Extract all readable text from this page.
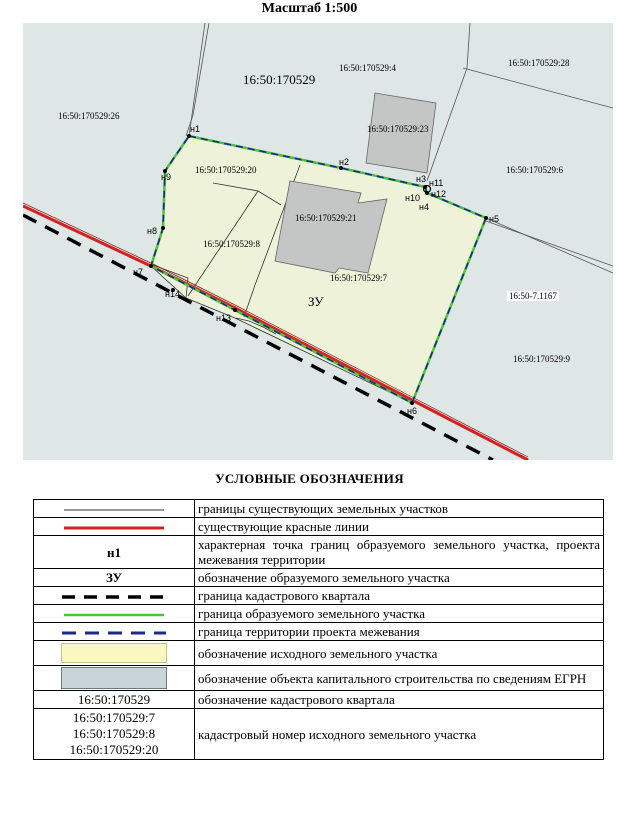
Масштаб 1:500
16:50:170529:4	16:50:170529:28
16:50:170529:26
16:50:170529:23
16:50:170529:20	16:50:170529:6
16:50:170529:21
16:50:170529:8
16:50:170529:7
16:50-7.1167
16:50:170529:9
16:50:170529
ЗУ
н1
н2
н3
н4
н5
н6
н7
н8
н9
н10
н11
н12
н13
н14
УСЛОВНЫЕ ОБОЗНАЧЕНИЯ
	границы существующих земельных участков
	существующие красные линии
н1	характерная точка границ образуемого земельного участка, проекта межевания территории
ЗУ	обозначение образуемого земельного участка
	граница кадастрового квартала
	граница образуемого земельного участка
	граница территории проекта межевания
	обозначение исходного земельного участка
	обозначение объекта капитального строительства по сведениям ЕГРН
16:50:170529	обозначение кадастрового квартала

16:50:170529:7
16:50:170529:8
16:50:170529:20	кадастровый номер исходного земельного участка
